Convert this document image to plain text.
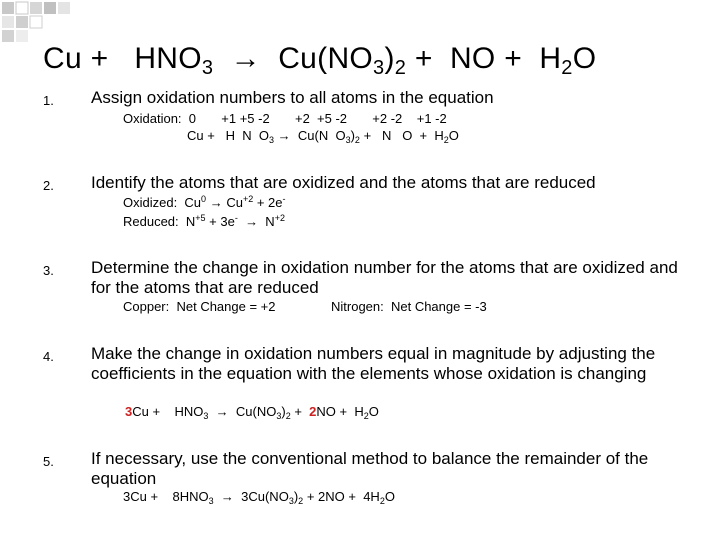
$Cu + HNO_3 \to Cu(NO_3)_2$ + NO + $H_2O$
1. Assign oxidation numbers to all atoms in the equation
Oxidation:  0       +1 +5 -2       +2  +5 -2       +2 -2    +1 -2
Cu + H  N  $O_3 \to Cu(N$  $O_3)_2 + N$   $O + H_2O$
2. Identify the atoms that are oxidized and the atoms that are reduced
Oxidized:  $Cu^0 \to Cu^{+2} + 2e^-$
Reduced:  $N^{+5} + 3e^- \to N^{+2}$
3. Determine the change in oxidation number for the atoms that are oxidized and for the atoms that are reduced
Copper:  Net Change = +2	Nitrogen:  Net Change = -3
4. Make the change in oxidation numbers equal in magnitude by adjusting the coefficients in the equation with the elements whose oxidation is changing
$3Cu + HNO_3 \to Cu(NO_3)_2 + 2NO + H_2O$
5. If necessary, use the conventional method to balance the remainder of the equation
$3Cu + 8HNO_3 \to 3Cu(NO_3)_2 + 2NO + 4H_2O$
